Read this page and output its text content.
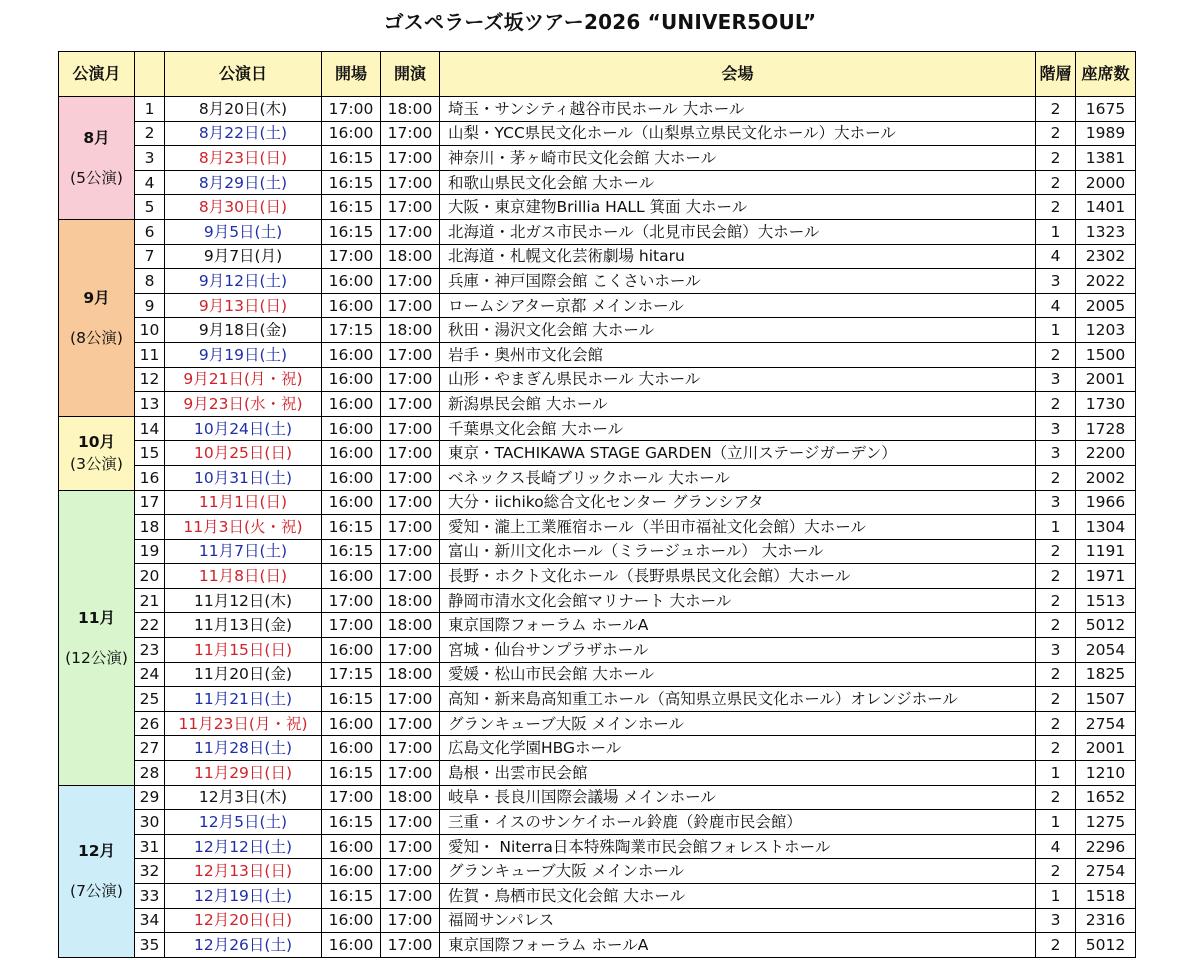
ゴスペラーズ坂ツアー2026 “UNIVER5OUL”
公演月		公演日	開場	開演	会場	階層	座席数

8月
(5公演)	1	8月20日(木)	17:00	18:00	埼玉・サンシティ越谷市民ホール 大ホール	2	1675
	2	8月22日(土)	16:00	17:00	山梨・YCC県民文化ホール（山梨県立県民文化ホール）大ホール	2	1989
	3	8月23日(日)	16:15	17:00	神奈川・茅ヶ崎市民文化会館 大ホール	2	1381
	4	8月29日(土)	16:15	17:00	和歌山県民文化会館 大ホール	2	2000
	5	8月30日(日)	16:15	17:00	大阪・東京建物Brillia HALL 箕面 大ホール	2	1401

9月
(8公演)	6	9月5日(土)	16:15	17:00	北海道・北ガス市民ホール（北見市民会館）大ホール	1	1323
	7	9月7日(月)	17:00	18:00	北海道・札幌文化芸術劇場 hitaru	4	2302
	8	9月12日(土)	16:00	17:00	兵庫・神戸国際会館 こくさいホール	3	2022
	9	9月13日(日)	16:00	17:00	ロームシアター京都 メインホール	4	2005
	10	9月18日(金)	17:15	18:00	秋田・湯沢文化会館 大ホール	1	1203
	11	9月19日(土)	16:00	17:00	岩手・奥州市文化会館	2	1500
	12	9月21日(月・祝)	16:00	17:00	山形・やまぎん県民ホール 大ホール	3	2001
	13	9月23日(水・祝)	16:00	17:00	新潟県民会館 大ホール	2	1730

10月
(3公演)	14	10月24日(土)	16:00	17:00	千葉県文化会館 大ホール	3	1728
	15	10月25日(日)	16:00	17:00	東京・TACHIKAWA STAGE GARDEN（立川ステージガーデン）	3	2200
	16	10月31日(土)	16:00	17:00	ベネックス長崎ブリックホール 大ホール	2	2002

11月
(12公演)	17	11月1日(日)	16:00	17:00	大分・iichiko総合文化センター グランシアタ	3	1966
	18	11月3日(火・祝)	16:15	17:00	愛知・瀧上工業雁宿ホール（半田市福祉文化会館）大ホール	1	1304
	19	11月7日(土)	16:15	17:00	富山・新川文化ホール（ミラージュホール） 大ホール	2	1191
	20	11月8日(日)	16:00	17:00	長野・ホクト文化ホール（長野県県民文化会館）大ホール	2	1971
	21	11月12日(木)	17:00	18:00	静岡市清水文化会館マリナート 大ホール	2	1513
	22	11月13日(金)	17:00	18:00	東京国際フォーラム ホールA	2	5012
	23	11月15日(日)	16:00	17:00	宮城・仙台サンプラザホール	3	2054
	24	11月20日(金)	17:15	18:00	愛媛・松山市民会館 大ホール	2	1825
	25	11月21日(土)	16:15	17:00	高知・新来島高知重工ホール（高知県立県民文化ホール）オレンジホール	2	1507
	26	11月23日(月・祝)	16:00	17:00	グランキューブ大阪 メインホール	2	2754
	27	11月28日(土)	16:00	17:00	広島文化学園HBGホール	2	2001
	28	11月29日(日)	16:15	17:00	島根・出雲市民会館	1	1210

12月
(7公演)	29	12月3日(木)	17:00	18:00	岐阜・長良川国際会議場 メインホール	2	1652
	30	12月5日(土)	16:15	17:00	三重・イスのサンケイホール鈴鹿（鈴鹿市民会館）	1	1275
	31	12月12日(土)	16:00	17:00	愛知・ Niterra日本特殊陶業市民会館フォレストホール	4	2296
	32	12月13日(日)	16:00	17:00	グランキューブ大阪 メインホール	2	2754
	33	12月19日(土)	16:15	17:00	佐賀・鳥栖市民文化会館 大ホール	1	1518
	34	12月20日(日)	16:00	17:00	福岡サンパレス	3	2316
	35	12月26日(土)	16:00	17:00	東京国際フォーラム ホールA	2	5012
